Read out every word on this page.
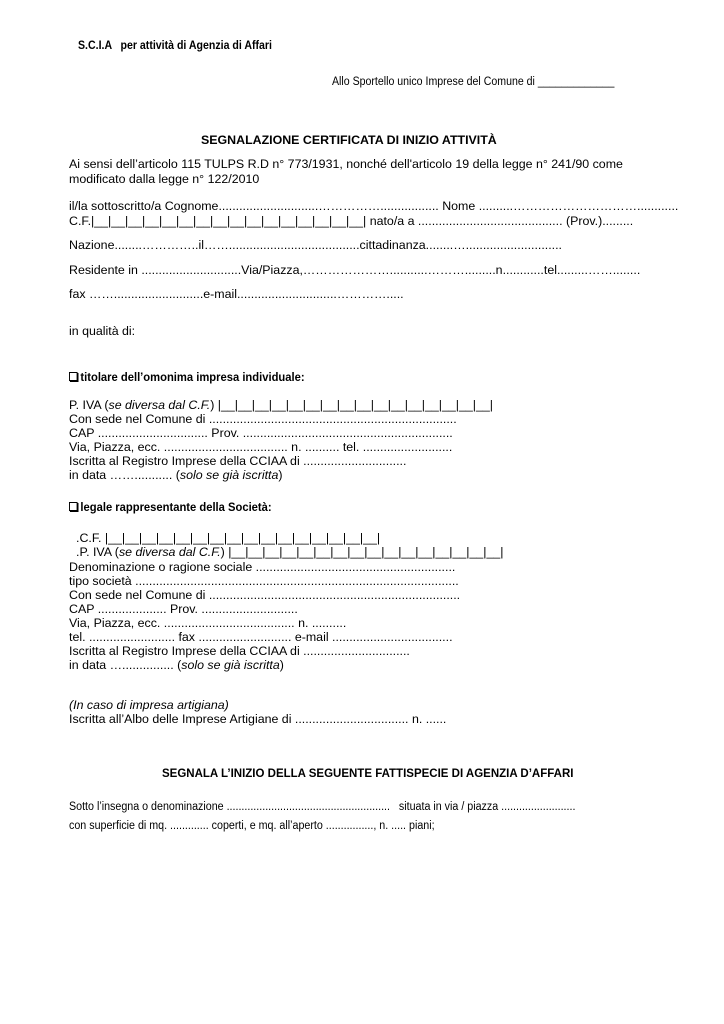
S.C.I.A   per attività di Agenzia di Affari
Allo Sportello unico Imprese del Comune di _____________
SEGNALAZIONE CERTIFICATA DI INIZIO ATTIVITÀ
Ai sensi dell’articolo 115 TULPS R.D n° 773/1931, nonché dell'articolo 19 della legge n° 241/90 come
modificato dalla legge n° 122/2010
il/la sottoscritto/a Cognome.............................……………................. Nome ..........…………………………............
C.F.|__|__|__|__|__|__|__|__|__|__|__|__|__|__|__|__| nato/a a .......................................... (Prov.).........
Nazione........…………..il……......................................cittadinanza........…............................
Residente in .............................Via/Piazza,…………………...........……….........n............tel.........……........
fax ……..........................e-mail.............................………….....
in qualità di:
titolare dell’omonima impresa individuale:
P. IVA (se diversa dal C.F.) |__|__|__|__|__|__|__|__|__|__|__|__|__|__|__|__|
Con sede nel Comune di ........................................................................
CAP ................................ Prov. .............................................................
Via, Piazza, ecc. .................................... n. .......... tel. ..........................
Iscritta al Registro Imprese della CCIAA di ..............................
in data ……........... (solo se già iscritta)
legale rappresentante della Società:
.C.F. |__|__|__|__|__|__|__|__|__|__|__|__|__|__|__|__|
.P. IVA (se diversa dal C.F.) |__|__|__|__|__|__|__|__|__|__|__|__|__|__|__|__|
Denominazione o ragione sociale ..........................................................
tipo società ..............................................................................................
Con sede nel Comune di .........................................................................
CAP .................... Prov. ............................
Via, Piazza, ecc. ...................................... n. ..........
tel. ......................... fax ........................... e-mail ...................................
Iscritta al Registro Imprese della CCIAA di ...............................
in data …............... (solo se già iscritta)
(In caso di impresa artigiana)
Iscritta all’Albo delle Imprese Artigiane di ................................. n. ......
SEGNALA L’INIZIO DELLA SEGUENTE FATTISPECIE DI AGENZIA D’AFFARI
Sotto l’insegna o denominazione .......................................................   situata in via / piazza .........................
con superficie di mq. ............. coperti, e mq. all’aperto ................, n. ..... piani;
